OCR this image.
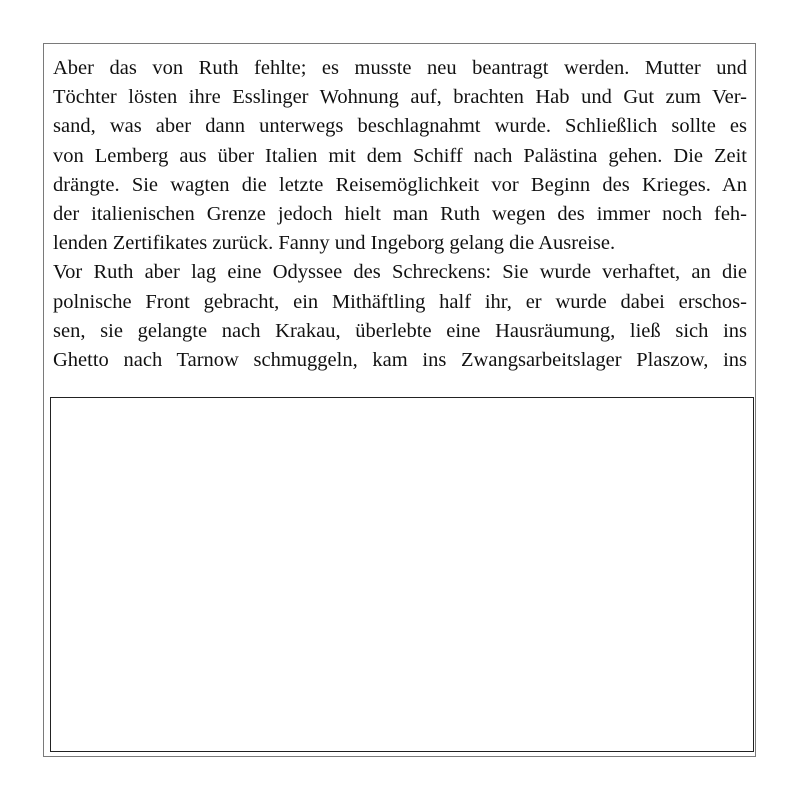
Aber das von Ruth fehlte; es musste neu beantragt werden. Mutter und
Töchter lösten ihre Esslinger Wohnung auf, brachten Hab und Gut zum Ver-
sand, was aber dann unterwegs beschlagnahmt wurde. Schließlich sollte es
von Lemberg aus über Italien mit dem Schiff nach Palästina gehen. Die Zeit
drängte. Sie wagten die letzte Reisemöglichkeit vor Beginn des Krieges. An
der italienischen Grenze jedoch hielt man Ruth wegen des immer noch feh-
lenden Zertifikates zurück. Fanny und Ingeborg gelang die Ausreise.
Vor Ruth aber lag eine Odyssee des Schreckens: Sie wurde verhaftet, an die
polnische Front gebracht, ein Mithäftling half ihr, er wurde dabei erschos-
sen, sie gelangte nach Krakau, überlebte eine Hausräumung, ließ sich ins
Ghetto nach Tarnow schmuggeln, kam ins Zwangsarbeitslager Plaszow, ins
